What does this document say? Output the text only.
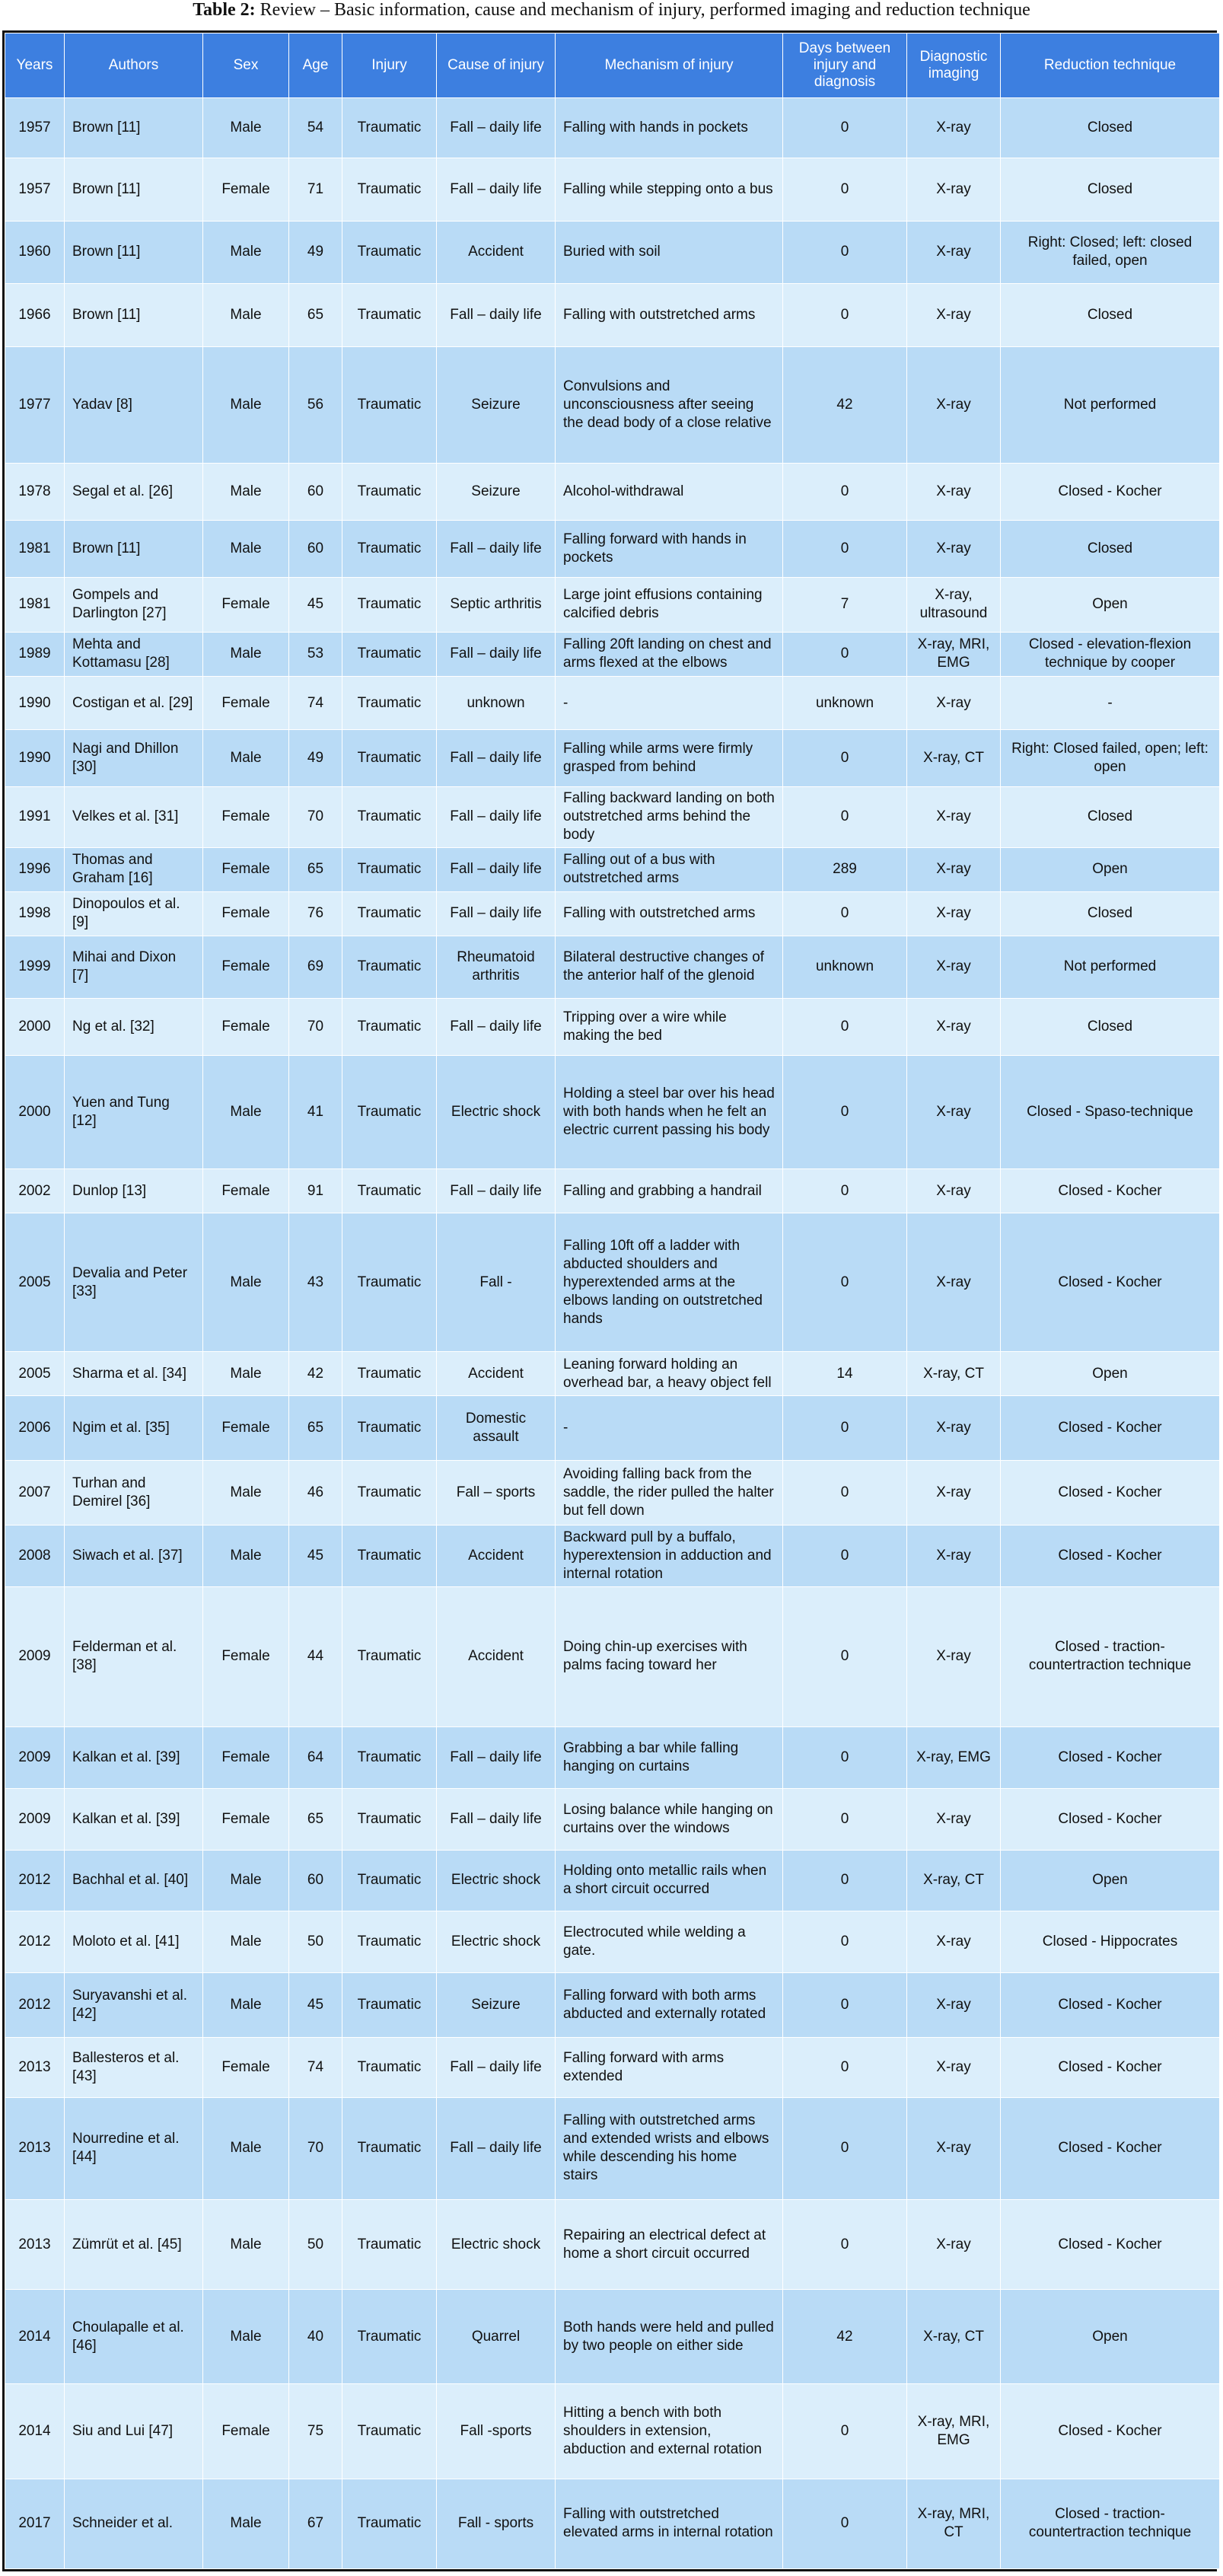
Table 2: Review – Basic information, cause and mechanism of injury, performed imaging and reduction technique
Years	Authors	Sex	Age	Injury	Cause of injury	Mechanism of injury	Days between injury and diagnosis	Diagnostic imaging	Reduction technique
1957	Brown [11]	Male	54	Traumatic	Fall – daily life	Falling with hands in pockets	0	X-ray	Closed
1957	Brown [11]	Female	71	Traumatic	Fall – daily life	Falling while stepping onto a bus	0	X-ray	Closed
1960	Brown [11]	Male	49	Traumatic	Accident	Buried with soil	0	X-ray	Right: Closed; left: closed failed, open
1966	Brown [11]	Male	65	Traumatic	Fall – daily life	Falling with outstretched arms	0	X-ray	Closed
1977	Yadav [8]	Male	56	Traumatic	Seizure	Convulsions and unconsciousness after seeing the dead body of a close relative	42	X-ray	Not performed
1978	Segal et al. [26]	Male	60	Traumatic	Seizure	Alcohol-withdrawal	0	X-ray	Closed - Kocher
1981	Brown [11]	Male	60	Traumatic	Fall – daily life	Falling forward with hands in pockets	0	X-ray	Closed
1981	Gompels and Darlington [27]	Female	45	Traumatic	Septic arthritis	Large joint effusions containing calcified debris	7	X-ray, ultrasound	Open
1989	Mehta and Kottamasu [28]	Male	53	Traumatic	Fall – daily life	Falling 20ft landing on chest and arms flexed at the elbows	0	X-ray, MRI, EMG	Closed - elevation-flexion technique by cooper
1990	Costigan et al. [29]	Female	74	Traumatic	unknown	-	unknown	X-ray	-
1990	Nagi and Dhillon [30]	Male	49	Traumatic	Fall – daily life	Falling while arms were firmly grasped from behind	0	X-ray, CT	Right: Closed failed, open; left: open
1991	Velkes et al. [31]	Female	70	Traumatic	Fall – daily life	Falling backward landing on both outstretched arms behind the body	0	X-ray	Closed
1996	Thomas and Graham [16]	Female	65	Traumatic	Fall – daily life	Falling out of a bus with outstretched arms	289	X-ray	Open
1998	Dinopoulos et al. [9]	Female	76	Traumatic	Fall – daily life	Falling with outstretched arms	0	X-ray	Closed
1999	Mihai and Dixon [7]	Female	69	Traumatic	Rheumatoid arthritis	Bilateral destructive changes of the anterior half of the glenoid	unknown	X-ray	Not performed
2000	Ng et al. [32]	Female	70	Traumatic	Fall – daily life	Tripping over a wire while making the bed	0	X-ray	Closed
2000	Yuen and Tung [12]	Male	41	Traumatic	Electric shock	Holding a steel bar over his head with both hands when he felt an electric current passing his body	0	X-ray	Closed - Spaso-technique
2002	Dunlop [13]	Female	91	Traumatic	Fall – daily life	Falling and grabbing a handrail	0	X-ray	Closed - Kocher
2005	Devalia and Peter [33]	Male	43	Traumatic	Fall -	Falling 10ft off a ladder with abducted shoulders and hyperextended arms at the elbows landing on outstretched hands	0	X-ray	Closed - Kocher
2005	Sharma et al. [34]	Male	42	Traumatic	Accident	Leaning forward holding an overhead bar, a heavy object fell	14	X-ray, CT	Open
2006	Ngim et al. [35]	Female	65	Traumatic	Domestic assault	-	0	X-ray	Closed - Kocher
2007	Turhan and Demirel [36]	Male	46	Traumatic	Fall – sports	Avoiding falling back from the saddle, the rider pulled the halter but fell down	0	X-ray	Closed - Kocher
2008	Siwach et al. [37]	Male	45	Traumatic	Accident	Backward pull by a buffalo, hyperextension in adduction and internal rotation	0	X-ray	Closed - Kocher
2009	Felderman et al. [38]	Female	44	Traumatic	Accident	Doing chin-up exercises with palms facing toward her	0	X-ray	Closed - traction-countertraction technique
2009	Kalkan et al. [39]	Female	64	Traumatic	Fall – daily life	Grabbing a bar while falling hanging on curtains	0	X-ray, EMG	Closed - Kocher
2009	Kalkan et al. [39]	Female	65	Traumatic	Fall – daily life	Losing balance while hanging on curtains over the windows	0	X-ray	Closed - Kocher
2012	Bachhal et al. [40]	Male	60	Traumatic	Electric shock	Holding onto metallic rails when a short circuit occurred	0	X-ray, CT	Open
2012	Moloto et al. [41]	Male	50	Traumatic	Electric shock	Electrocuted while welding a gate.	0	X-ray	Closed - Hippocrates
2012	Suryavanshi et al. [42]	Male	45	Traumatic	Seizure	Falling forward with both arms abducted and externally rotated	0	X-ray	Closed - Kocher
2013	Ballesteros et al. [43]	Female	74	Traumatic	Fall – daily life	Falling forward with arms extended	0	X-ray	Closed - Kocher
2013	Nourredine et al. [44]	Male	70	Traumatic	Fall – daily life	Falling with outstretched arms and extended wrists and elbows while descending his home stairs	0	X-ray	Closed - Kocher
2013	Zümrüt et al. [45]	Male	50	Traumatic	Electric shock	Repairing an electrical defect at home a short circuit occurred	0	X-ray	Closed - Kocher
2014	Choulapalle et al. [46]	Male	40	Traumatic	Quarrel	Both hands were held and pulled by two people on either side	42	X-ray, CT	Open
2014	Siu and Lui [47]	Female	75	Traumatic	Fall -sports	Hitting a bench with both shoulders in extension, abduction and external rotation	0	X-ray, MRI, EMG	Closed - Kocher
2017	Schneider et al.	Male	67	Traumatic	Fall - sports	Falling with outstretched elevated arms in internal rotation	0	X-ray, MRI, CT	Closed - traction-countertraction technique
